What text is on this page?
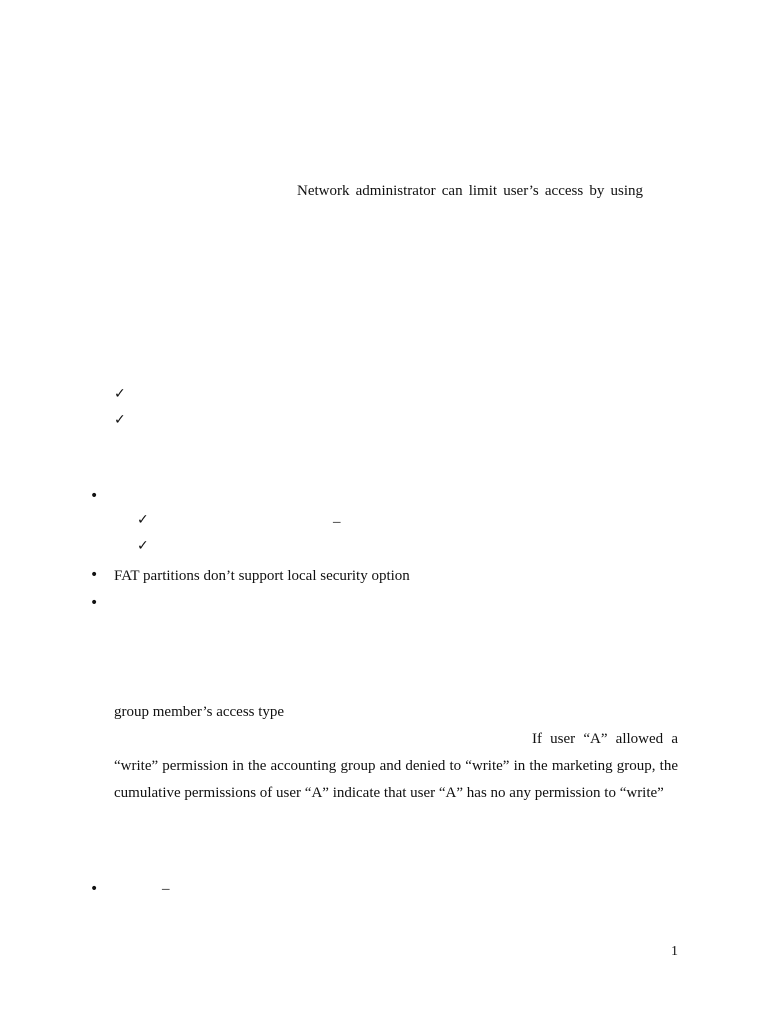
Network administrator can limit user’s access by using
✓
✓
•
✓	–
✓
• FAT partitions don’t support local security option
•
group member’s access type
If user “A” allowed a
“write” permission in the accounting group and denied to “write” in the marketing group, the
cumulative permissions of user “A” indicate that user “A” has no any permission to “write”
•	–
1
